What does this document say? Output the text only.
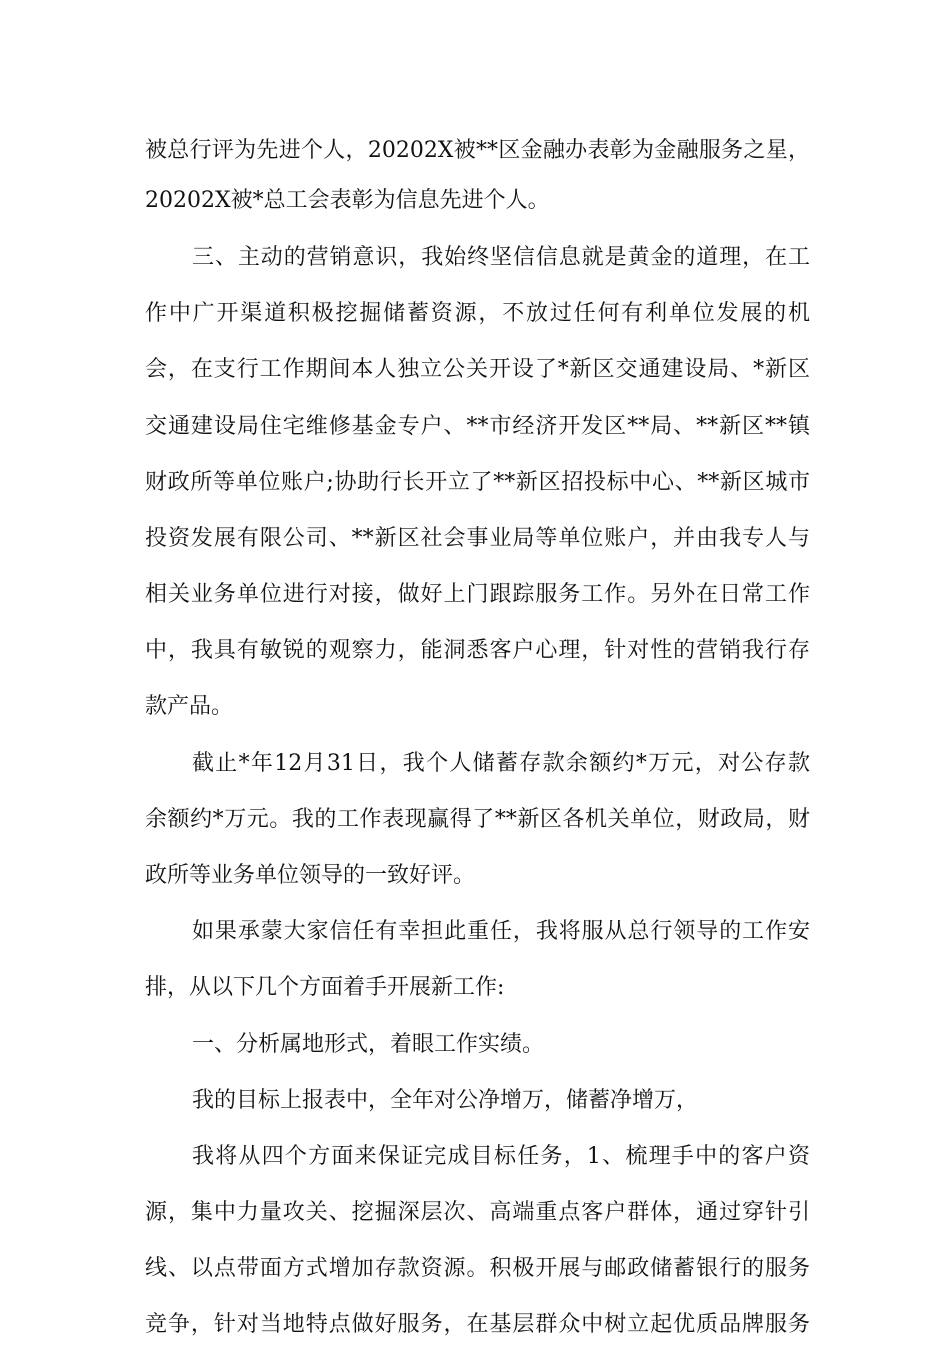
被总行评为先进个人，20202X被**区金融办表彰为金融服务之星，
20202X被*总工会表彰为信息先进个人。
三、主动的营销意识，我始终坚信信息就是黄金的道理，在工
作中广开渠道积极挖掘储蓄资源，不放过任何有利单位发展的机
会，在支行工作期间本人独立公关开设了*新区交通建设局、*新区
交通建设局住宅维修基金专户、**市经济开发区**局、**新区**镇
财政所等单位账户;协助行长开立了**新区招投标中心、**新区城市
投资发展有限公司、**新区社会事业局等单位账户，并由我专人与
相关业务单位进行对接，做好上门跟踪服务工作。另外在日常工作
中，我具有敏锐的观察力，能洞悉客户心理，针对性的营销我行存
款产品。
截止*年12月31日，我个人储蓄存款余额约*万元，对公存款
余额约*万元。我的工作表现赢得了**新区各机关单位，财政局，财
政所等业务单位领导的一致好评。
如果承蒙大家信任有幸担此重任，我将服从总行领导的工作安
排，从以下几个方面着手开展新工作:
一、分析属地形式，着眼工作实绩。
我的目标上报表中，全年对公净增万，储蓄净增万，
我将从四个方面来保证完成目标任务，1、梳理手中的客户资
源，集中力量攻关、挖掘深层次、高端重点客户群体，通过穿针引
线、以点带面方式增加存款资源。积极开展与邮政储蓄银行的服务
竞争，针对当地特点做好服务，在基层群众中树立起优质品牌服务
